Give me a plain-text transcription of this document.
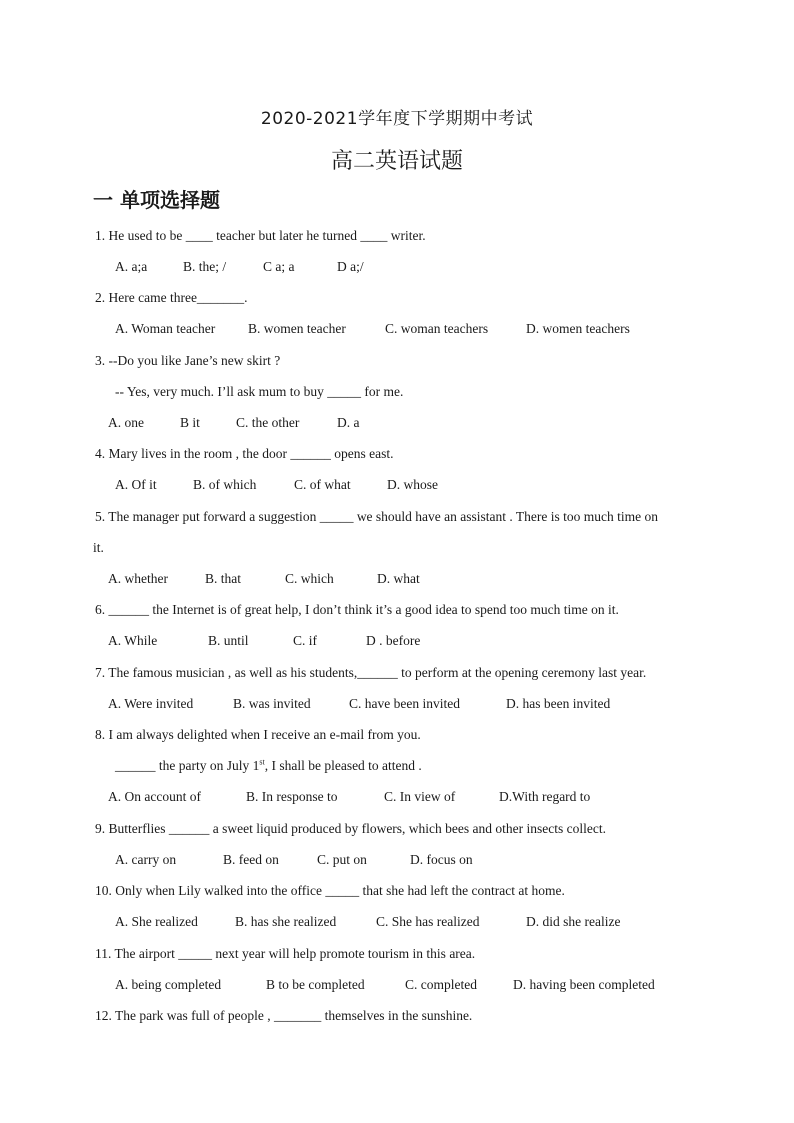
2020-2021学年度下学期期中考试
高二英语试题
一 单项选择题
1. He used to be ____ teacher but later he turned ____ writer.
A. a;a	B. the; /	C a; a	D a;/
2. Here came three_______.
A. Woman teacher B. women teacher	C. woman teachers	D. women teachers
3. --Do you like Jane’s new skirt ?
-- Yes, very much. I’ll ask mum to buy _____ for me.
A. one	B it	C. the other	D. a
4. Mary lives in the room , the door ______ opens east.
A. Of it	B. of which	C. of what	D. whose
5. The manager put forward a suggestion _____ we should have an assistant . There is too much time on
it.
A. whether	B. that	C. which	D. what
6. ______ the Internet is of great help, I don’t think it’s a good idea to spend too much time on it.
A. While	B. until	C. if	D . before
7. The famous musician , as well as his students,______ to perform at the opening ceremony last year.
A. Were invited	B. was invited	C. have been invited	D. has been invited
8. I am always delighted when I receive an e-mail from you.
______ the party on July 1st, I shall be pleased to attend .
A. On account of	B. In response to	C. In view of	D.With regard to
9. Butterflies ______ a sweet liquid produced by flowers, which bees and other insects collect.
A. carry on	B. feed on	C. put on	D. focus on
10. Only when Lily walked into the office _____ that she had left the contract at home.
A. She realized	B. has she realized	C. She has realized	D. did she realize
11. The airport _____ next year will help promote tourism in this area.
A. being completed	B to be completed	C. completed	D. having been completed
12. The park was full of people , _______ themselves in the sunshine.
